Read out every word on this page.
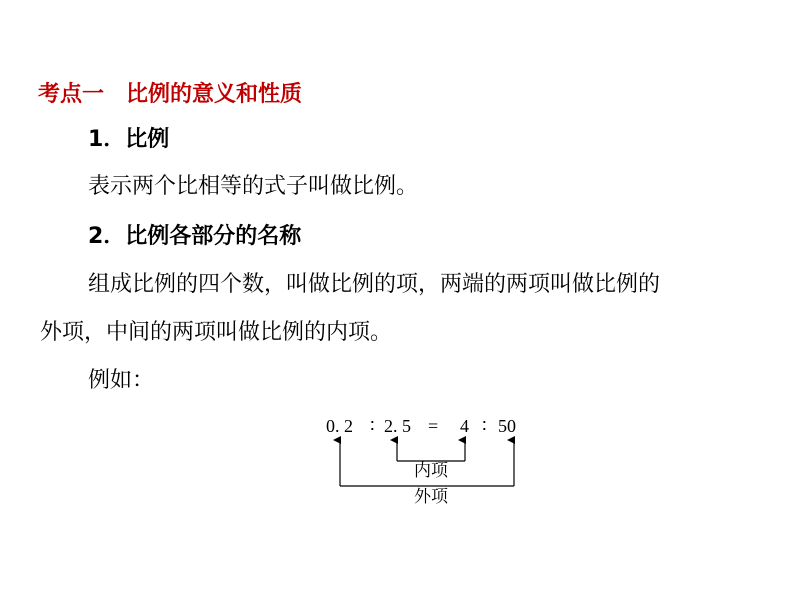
考点一 比例的意义和性质
1．比例
表示两个比相等的式子叫做比例。
2．比例各部分的名称
组成比例的四个数，叫做比例的项，两端的两项叫做比例的
外项，中间的两项叫做比例的内项。
例如：
0. 2 ∶ 2. 5 = 4 ∶ 50
内项
外项
